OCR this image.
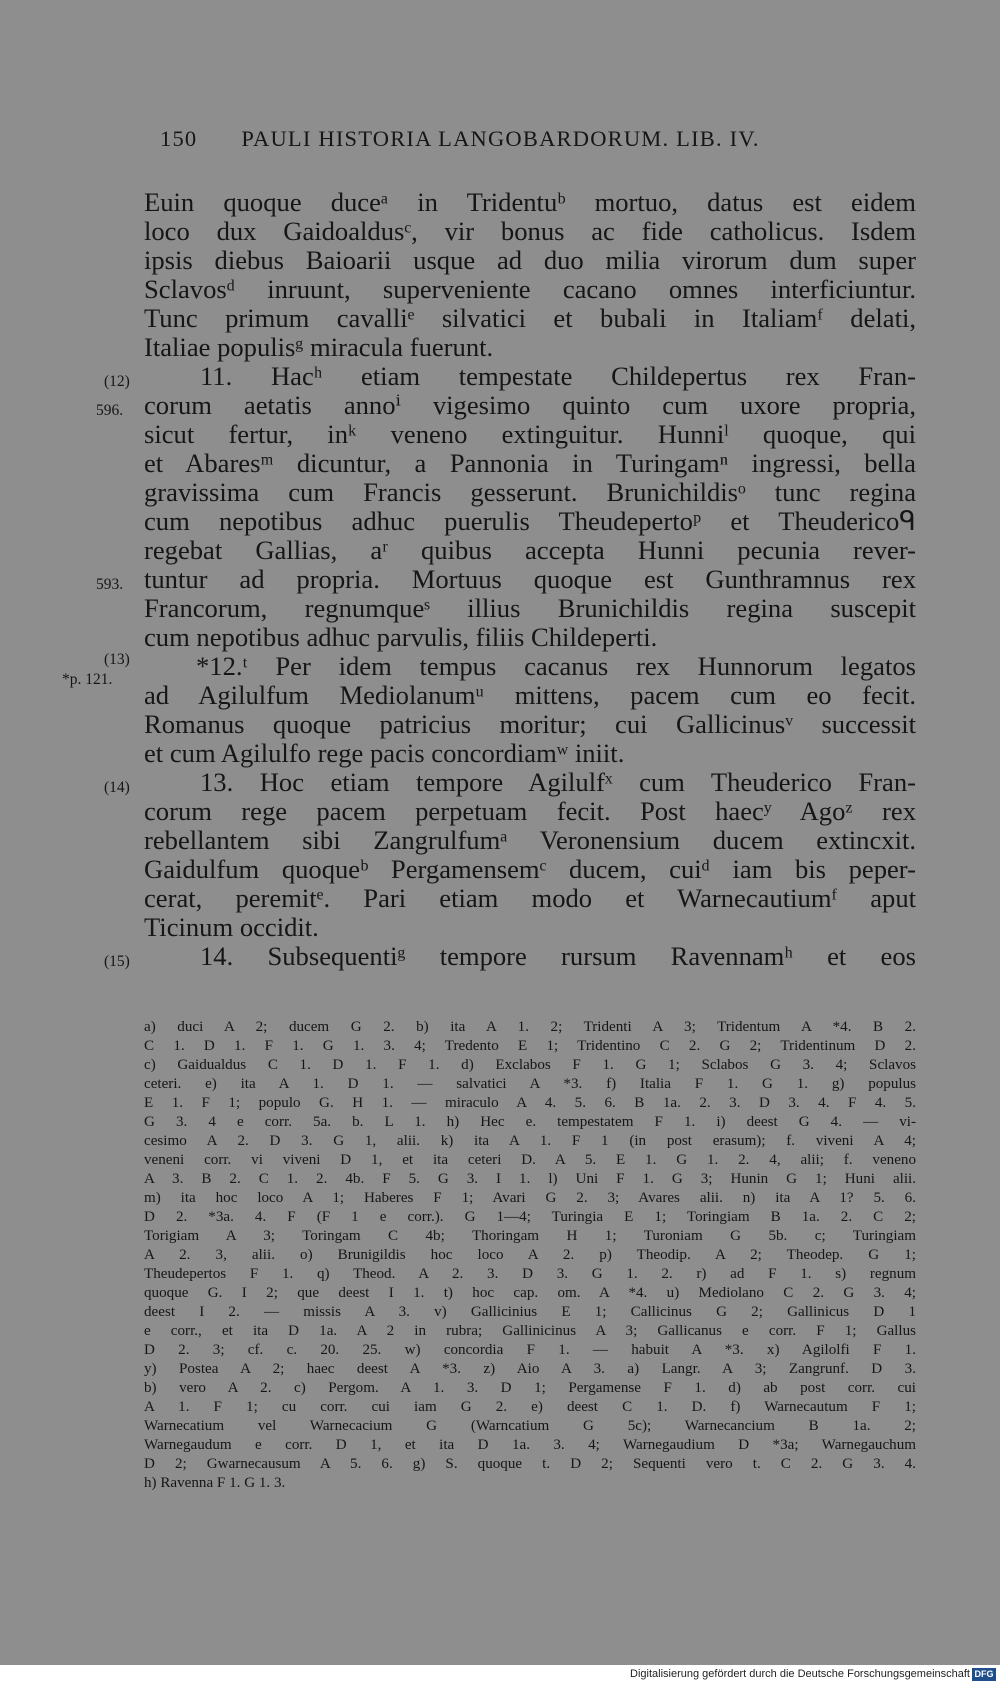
150 PAULI HISTORIA LANGOBARDORUM. LIB. IV.
Euin quoque duceᵃ in Tridentuᵇ mortuo, datus est eidem
loco dux Gaidoaldusᶜ, vir bonus ac fide catholicus. Isdem
ipsis diebus Baioarii usque ad duo milia virorum dum super
Sclavosᵈ inruunt, superveniente cacano omnes interficiuntur.
Tunc primum cavalliᵉ silvatici et bubali in Italiamᶠ delati,
Italiae populisᵍ miracula fuerunt.
11. Hacʰ etiam tempestate Childepertus rex Fran-
corum aetatis annoⁱ vigesimo quinto cum uxore propria,
sicut fertur, inᵏ veneno extinguitur. Hunniˡ quoque, qui
et Abaresᵐ dicuntur, a Pannonia in Turingamⁿ ingressi, bella
gravissima cum Francis gesserunt. Brunichildisᵒ tunc regina
cum nepotibus adhuc puerulis Theudepertoᵖ et Theudericoᑫ
regebat Gallias, aʳ quibus accepta Hunni pecunia rever-
tuntur ad propria. Mortuus quoque est Gunthramnus rex
Francorum, regnumqueˢ illius Brunichildis regina suscepit
cum nepotibus adhuc parvulis, filiis Childeperti.
*12.ᵗ Per idem tempus cacanus rex Hunnorum legatos
ad Agilulfum Mediolanumᵘ mittens, pacem cum eo fecit.
Romanus quoque patricius moritur; cui Gallicinusᵛ successit
et cum Agilulfo rege pacis concordiamʷ iniit.
13. Hoc etiam tempore Agilulfˣ cum Theuderico Fran-
corum rege pacem perpetuam fecit. Post haecʸ Agoᶻ rex
rebellantem sibi Zangrulfumᵃ Veronensium ducem extincxit.
Gaidulfum quoqueᵇ Pergamensemᶜ ducem, cuiᵈ iam bis peper-
cerat, peremitᵉ. Pari etiam modo et Warnecautiumᶠ aput
Ticinum occidit.
14. Subsequentiᵍ tempore rursum Ravennamʰ et eos
(12)
596.
593.
(13)
*p. 121.
(14)
(15)
a) duci A 2; ducem G 2. b) ita A 1. 2; Tridenti A 3; Tridentum A *4. B 2.
C 1. D 1. F 1. G 1. 3. 4; Tredento E 1; Tridentino C 2. G 2; Tridentinum D 2.
c) Gaidualdus C 1. D 1. F 1. d) Exclabos F 1. G 1; Sclabos G 3. 4; Sclavos
ceteri. e) ita A 1. D 1. — salvatici A *3. f) Italia F 1. G 1. g) populus
E 1. F 1; populo G. H 1. — miraculo A 4. 5. 6. B 1a. 2. 3. D 3. 4. F 4. 5.
G 3. 4 e corr. 5a. b. L 1. h) Hec e. tempestatem F 1. i) deest G 4. — vi-
cesimo A 2. D 3. G 1, alii. k) ita A 1. F 1 (in post erasum); f. viveni A 4;
veneni corr. vi viveni D 1, et ita ceteri D. A 5. E 1. G 1. 2. 4, alii; f. veneno
A 3. B 2. C 1. 2. 4b. F 5. G 3. I 1. l) Uni F 1. G 3; Hunin G 1; Huni alii.
m) ita hoc loco A 1; Haberes F 1; Avari G 2. 3; Avares alii. n) ita A 1? 5. 6.
D 2. *3a. 4. F (F 1 e corr.). G 1—4; Turingia E 1; Toringiam B 1a. 2. C 2;
Torigiam A 3; Toringam C 4b; Thoringam H 1; Turoniam G 5b. c; Turingiam
A 2. 3, alii. o) Brunigildis hoc loco A 2. p) Theodip. A 2; Theodep. G 1;
Theudepertos F 1. q) Theod. A 2. 3. D 3. G 1. 2. r) ad F 1. s) regnum
quoque G. I 2; que deest I 1. t) hoc cap. om. A *4. u) Mediolano C 2. G 3. 4;
deest I 2. — missis A 3. v) Gallicinius E 1; Callicinus G 2; Gallinicus D 1
e corr., et ita D 1a. A 2 in rubra; Gallinicinus A 3; Gallicanus e corr. F 1; Gallus
D 2. 3; cf. c. 20. 25. w) concordia F 1. — habuit A *3. x) Agilolfi F 1.
y) Postea A 2; haec deest A *3. z) Aio A 3. a) Langr. A 3; Zangrunf. D 3.
b) vero A 2. c) Pergom. A 1. 3. D 1; Pergamense F 1. d) ab post corr. cui
A 1. F 1; cu corr. cui iam G 2. e) deest C 1. D. f) Warnecautum F 1;
Warnecatium vel Warnecacium G (Warncatium G 5c); Warnecancium B 1a. 2;
Warnegaudum e corr. D 1, et ita D 1a. 3. 4; Warnegaudium D *3a; Warnegauchum
D 2; Gwarnecausum A 5. 6. g) S. quoque t. D 2; Sequenti vero t. C 2. G 3. 4.
h) Ravenna F 1. G 1. 3.
Digitalisierung gefördert durch die Deutsche Forschungsgemeinschaft DFG
